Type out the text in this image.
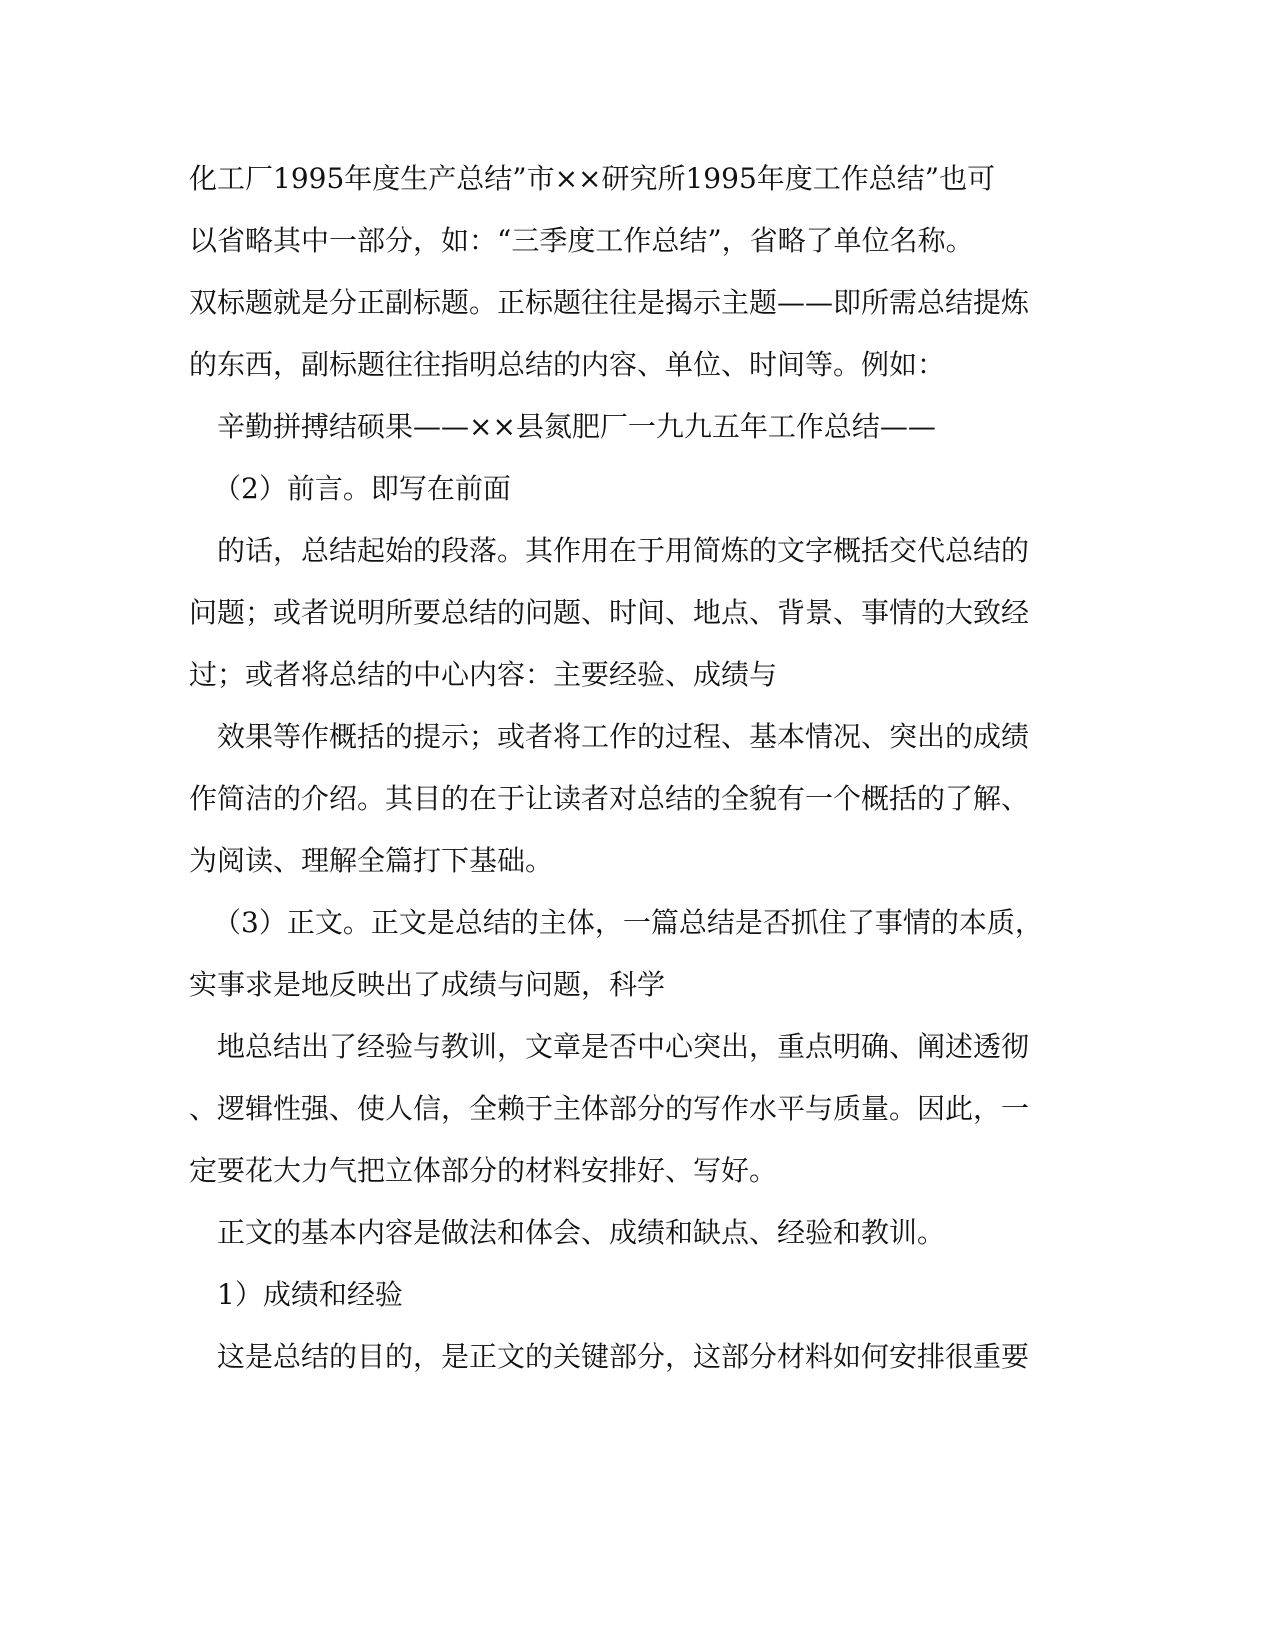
化工厂1995年度生产总结”市××研究所1995年度工作总结”也可
以省略其中一部分，如：“三季度工作总结”，省略了单位名称。
双标题就是分正副标题。正标题往往是揭示主题——即所需总结提炼
的东西，副标题往往指明总结的内容、单位、时间等。例如：
辛勤拼搏结硕果——××县氮肥厂一九九五年工作总结——
（2）前言。即写在前面
的话，总结起始的段落。其作用在于用简炼的文字概括交代总结的
问题；或者说明所要总结的问题、时间、地点、背景、事情的大致经
过；或者将总结的中心内容：主要经验、成绩与
效果等作概括的提示；或者将工作的过程、基本情况、突出的成绩
作简洁的介绍。其目的在于让读者对总结的全貌有一个概括的了解、
为阅读、理解全篇打下基础。
（3）正文。正文是总结的主体，一篇总结是否抓住了事情的本质，
实事求是地反映出了成绩与问题，科学
地总结出了经验与教训，文章是否中心突出，重点明确、阐述透彻
、逻辑性强、使人信，全赖于主体部分的写作水平与质量。因此，一
定要花大力气把立体部分的材料安排好、写好。
正文的基本内容是做法和体会、成绩和缺点、经验和教训。
1）成绩和经验
这是总结的目的，是正文的关键部分，这部分材料如何安排很重要
